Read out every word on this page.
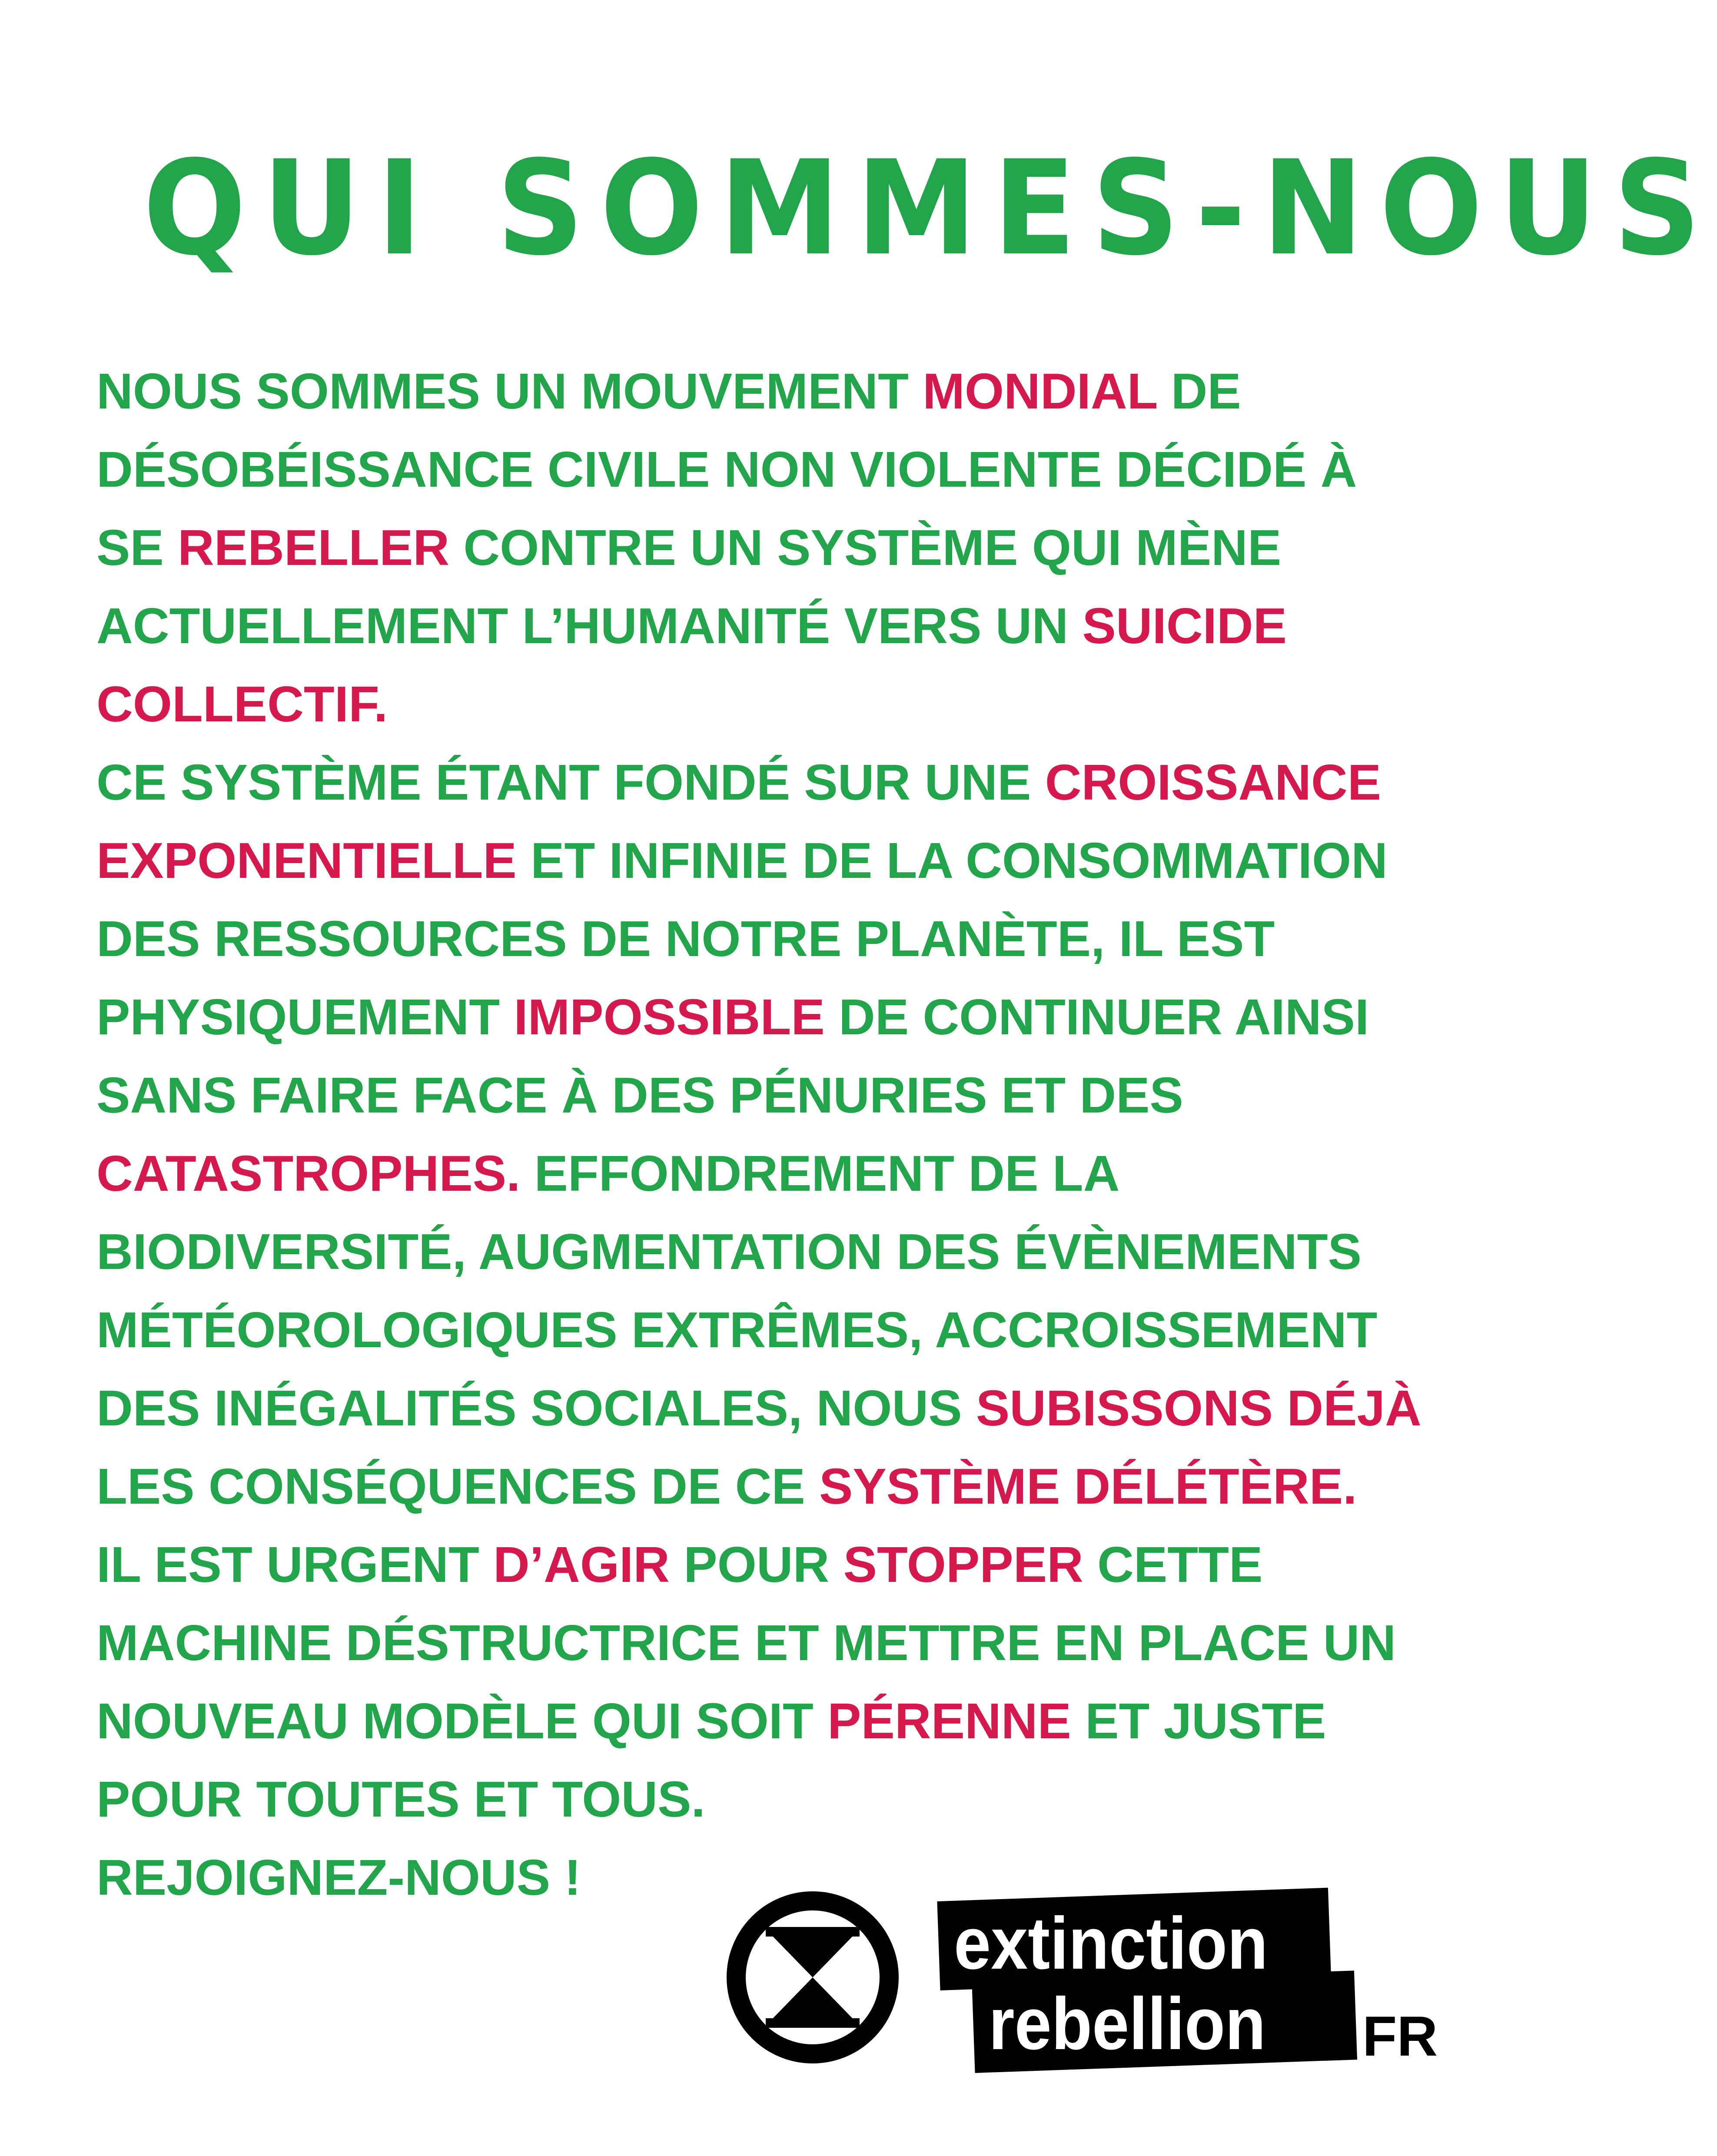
QUI SOMMES-NOUS

NOUS SOMMES UN MOUVEMENT MONDIAL DE

DÉSOBÉISSANCE CIVILE NON VIOLENTE DÉCIDÉ À

SE REBELLER CONTRE UN SYSTÈME QUI MÈNE

ACTUELLEMENT L’HUMANITÉ VERS UN SUICIDE

COLLECTIF.

CE SYSTÈME ÉTANT FONDÉ SUR UNE CROISSANCE

EXPONENTIELLE ET INFINIE DE LA CONSOMMATION

DES RESSOURCES DE NOTRE PLANÈTE, IL EST

PHYSIQUEMENT IMPOSSIBLE DE CONTINUER AINSI

SANS FAIRE FACE À DES PÉNURIES ET DES

CATASTROPHES. EFFONDREMENT DE LA

BIODIVERSITÉ, AUGMENTATION DES ÉVÈNEMENTS

MÉTÉOROLOGIQUES EXTRÊMES, ACCROISSEMENT

DES INÉGALITÉS SOCIALES, NOUS SUBISSONS DÉJÀ

LES CONSÉQUENCES DE CE SYSTÈME DÉLÉTÈRE.

IL EST URGENT D’AGIR POUR STOPPER CETTE

MACHINE DÉSTRUCTRICE ET METTRE EN PLACE UN

NOUVEAU MODÈLE QUI SOIT PÉRENNE ET JUSTE

POUR TOUTES ET TOUS.

REJOIGNEZ-NOUS !

extinction
rebellion FR
